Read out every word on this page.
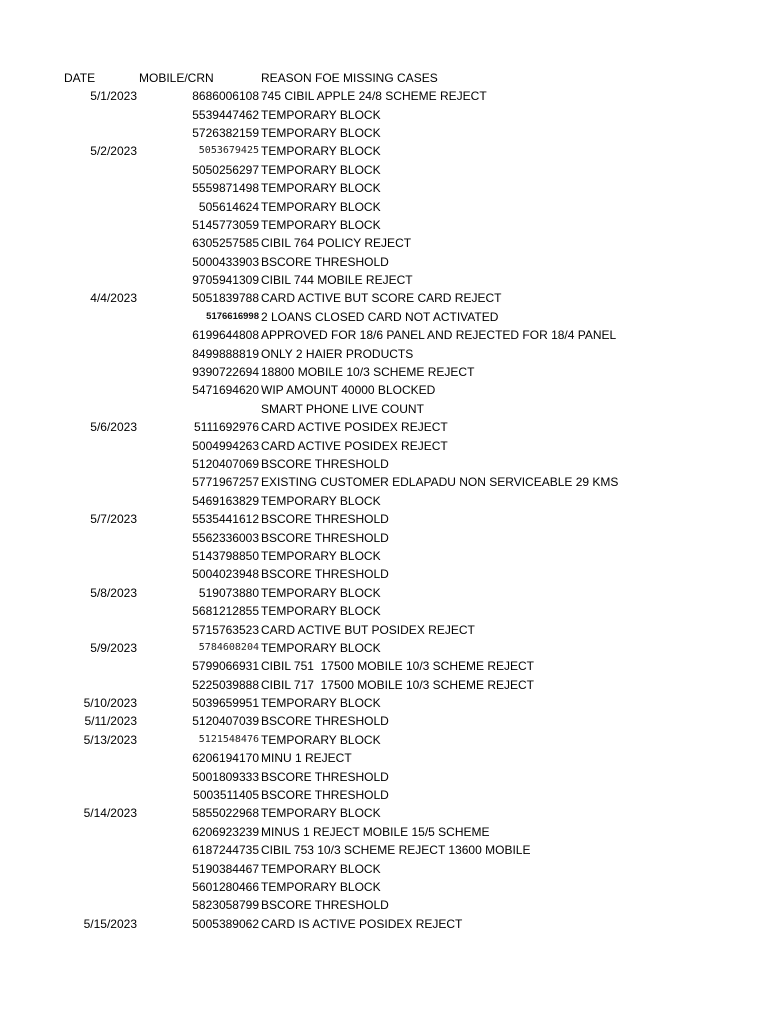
DATE	MOBILE/CRN	REASON FOE MISSING CASES
5/1/2023	8686006108 745 CIBIL APPLE 24/8 SCHEME REJECT
5539447462 TEMPORARY BLOCK
5726382159 TEMPORARY BLOCK
5/2/2023	5053679425 TEMPORARY BLOCK
5050256297 TEMPORARY BLOCK
5559871498 TEMPORARY BLOCK
505614624 TEMPORARY BLOCK
5145773059 TEMPORARY BLOCK
6305257585 CIBIL 764 POLICY REJECT
5000433903 BSCORE THRESHOLD
9705941309 CIBIL 744 MOBILE REJECT
4/4/2023	5051839788 CARD ACTIVE BUT SCORE CARD REJECT
5176616998 2 LOANS CLOSED CARD NOT ACTIVATED
6199644808 APPROVED FOR 18/6 PANEL AND REJECTED FOR 18/4 PANEL
8499888819 ONLY 2 HAIER PRODUCTS
9390722694 18800 MOBILE 10/3 SCHEME REJECT
5471694620 WIP AMOUNT 40000 BLOCKED
SMART PHONE LIVE COUNT
5/6/2023	5111692976 CARD ACTIVE POSIDEX REJECT
5004994263 CARD ACTIVE POSIDEX REJECT
5120407069 BSCORE THRESHOLD
5771967257 EXISTING CUSTOMER EDLAPADU NON SERVICEABLE 29 KMS
5469163829 TEMPORARY BLOCK
5/7/2023	5535441612 BSCORE THRESHOLD
5562336003 BSCORE THRESHOLD
5143798850 TEMPORARY BLOCK
5004023948 BSCORE THRESHOLD
5/8/2023	519073880 TEMPORARY BLOCK
5681212855 TEMPORARY BLOCK
5715763523 CARD ACTIVE BUT POSIDEX REJECT
5/9/2023	5784608204 TEMPORARY BLOCK
5799066931 CIBIL 751  17500 MOBILE 10/3 SCHEME REJECT
5225039888 CIBIL 717  17500 MOBILE 10/3 SCHEME REJECT
5/10/2023	5039659951 TEMPORARY BLOCK
5/11/2023	5120407039 BSCORE THRESHOLD
5/13/2023	5121548476 TEMPORARY BLOCK
6206194170 MINU 1 REJECT
5001809333 BSCORE THRESHOLD
5003511405 BSCORE THRESHOLD
5/14/2023	5855022968 TEMPORARY BLOCK
6206923239 MINUS 1 REJECT MOBILE 15/5 SCHEME
6187244735 CIBIL 753 10/3 SCHEME REJECT 13600 MOBILE
5190384467 TEMPORARY BLOCK
5601280466 TEMPORARY BLOCK
5823058799 BSCORE THRESHOLD
5/15/2023	5005389062 CARD IS ACTIVE POSIDEX REJECT
